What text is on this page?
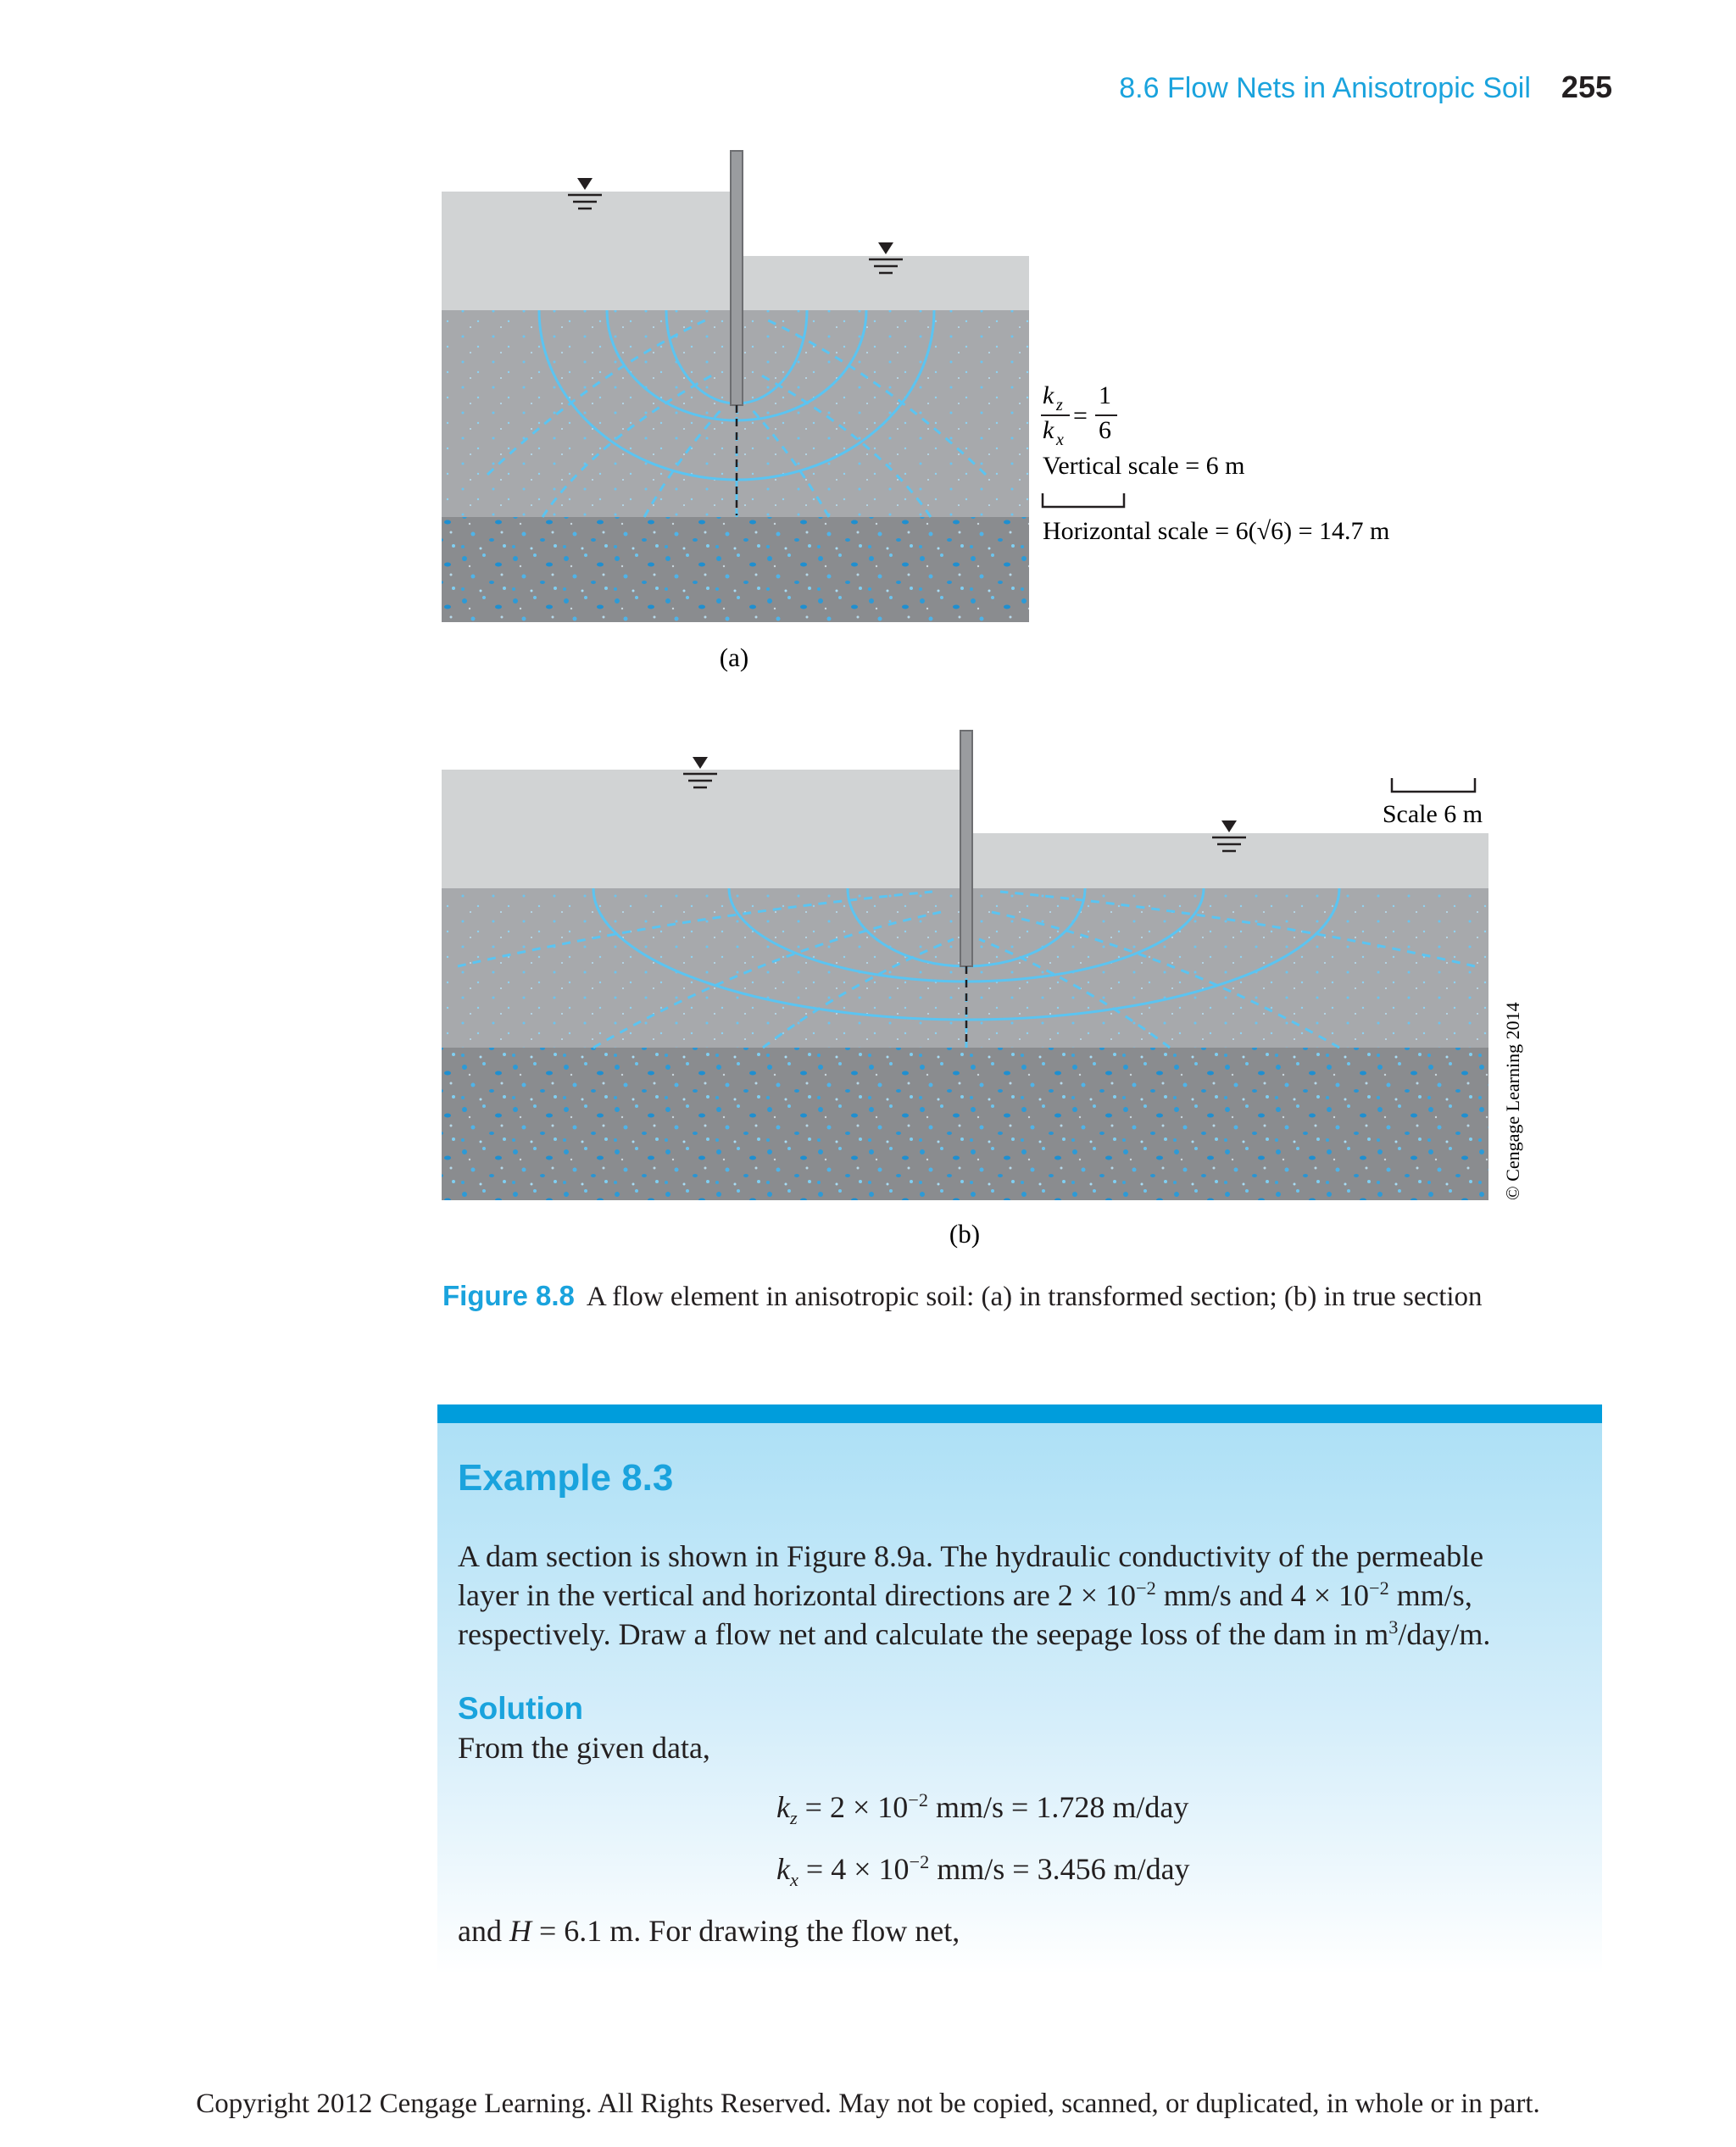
8.6 Flow Nets in Anisotropic Soil 255
k z
k x
=
1
6
Vertical scale = 6 m
Horizontal scale = 6(√6) = 14.7 m
(a)
Scale 6 m
© Cengage Learning 2014
(b)
Figure 8.8 A flow element in anisotropic soil: (a) in transformed section; (b) in true section
Example 8.3
A dam section is shown in Figure 8.9a. The hydraulic conductivity of the permeable
layer in the vertical and horizontal directions are $2 \times 10^{-2}$ mm/s and $4 \times 10^{-2}$ mm/s,
respectively. Draw a flow net and calculate the seepage loss of the dam in $m^3/day/m$.
Solution
From the given data,
$k_z = 2 \times 10^{-2}$ mm/s = 1.728 m/day
$k_x = 4 \times 10^{-2}$ mm/s = 3.456 m/day
and H = 6.1 m. For drawing the flow net,
Copyright 2012 Cengage Learning. All Rights Reserved. May not be copied, scanned, or duplicated, in whole or in part.
